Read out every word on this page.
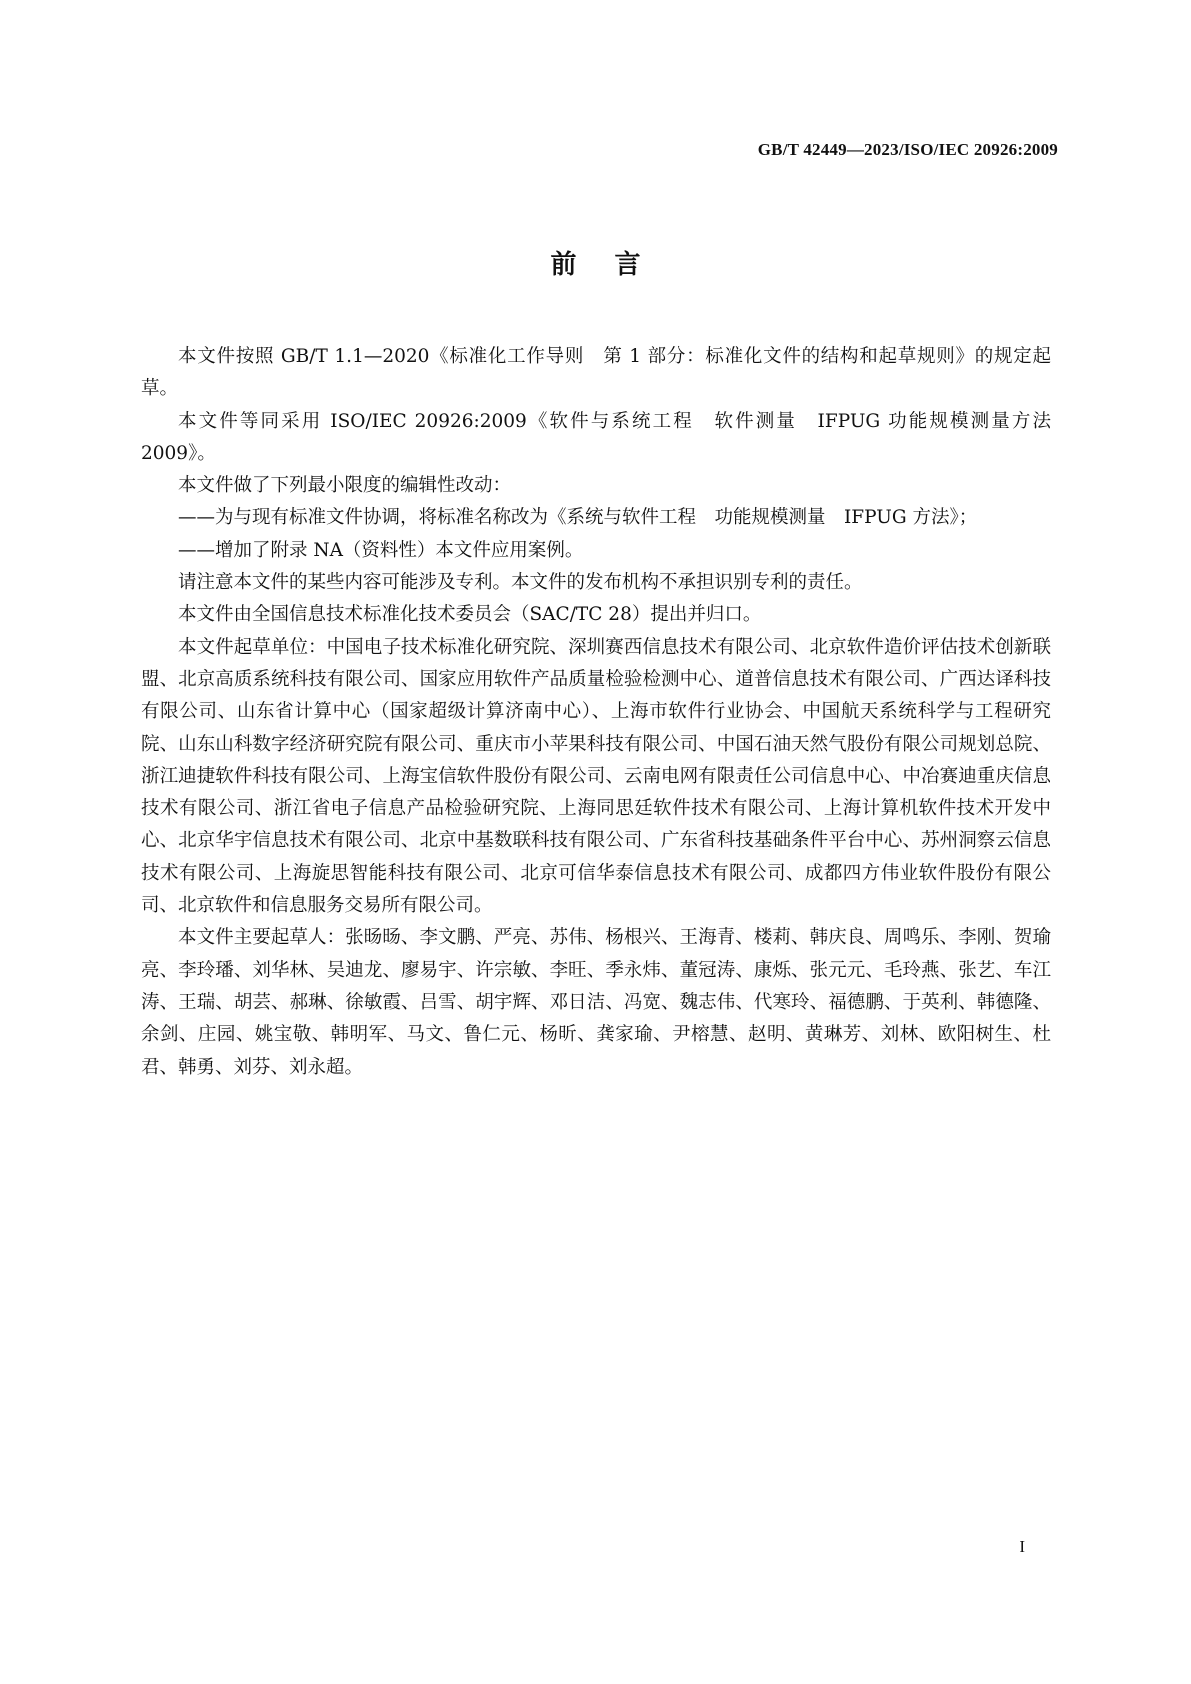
GB/T 42449—2023/ISO/IEC 20926:2009
前言

本文件按照 GB/T 1.1—2020《标准化工作导则　第 1 部分：标准化文件的结构和起草规则》的规定起草。

本文件等同采用 ISO/IEC 20926:2009《软件与系统工程　软件测量　IFPUG 功能规模测量方法 2009》。

本文件做了下列最小限度的编辑性改动：

——为与现有标准文件协调，将标准名称改为《系统与软件工程　功能规模测量　IFPUG 方法》；

——增加了附录 NA（资料性）本文件应用案例。

请注意本文件的某些内容可能涉及专利。本文件的发布机构不承担识别专利的责任。

本文件由全国信息技术标准化技术委员会（SAC/TC 28）提出并归口。

本文件起草单位：中国电子技术标准化研究院、深圳赛西信息技术有限公司、北京软件造价评估技术创新联盟、北京高质系统科技有限公司、国家应用软件产品质量检验检测中心、道普信息技术有限公司、广西达译科技有限公司、山东省计算中心（国家超级计算济南中心）、上海市软件行业协会、中国航天系统科学与工程研究院、山东山科数字经济研究院有限公司、重庆市小苹果科技有限公司、中国石油天然气股份有限公司规划总院、浙江迪捷软件科技有限公司、上海宝信软件股份有限公司、云南电网有限责任公司信息中心、中冶赛迪重庆信息技术有限公司、浙江省电子信息产品检验研究院、上海同思廷软件技术有限公司、上海计算机软件技术开发中心、北京华宇信息技术有限公司、北京中基数联科技有限公司、广东省科技基础条件平台中心、苏州洞察云信息技术有限公司、上海旋思智能科技有限公司、北京可信华泰信息技术有限公司、成都四方伟业软件股份有限公司、北京软件和信息服务交易所有限公司。

本文件主要起草人：张旸旸、李文鹏、严亮、苏伟、杨根兴、王海青、楼莉、韩庆良、周鸣乐、李刚、贺瑜亮、李玲璠、刘华林、吴迪龙、廖易宇、许宗敏、李旺、季永炜、董冠涛、康烁、张元元、毛玲燕、张艺、车江涛、王瑞、胡芸、郝琳、徐敏霞、吕雪、胡宇辉、邓日洁、冯宽、魏志伟、代寒玲、福德鹏、于英利、韩德隆、余剑、庄园、姚宝敬、韩明军、马文、鲁仁元、杨昕、龚家瑜、尹榕慧、赵明、黄琳芳、刘林、欧阳树生、杜君、韩勇、刘芬、刘永超。

I
